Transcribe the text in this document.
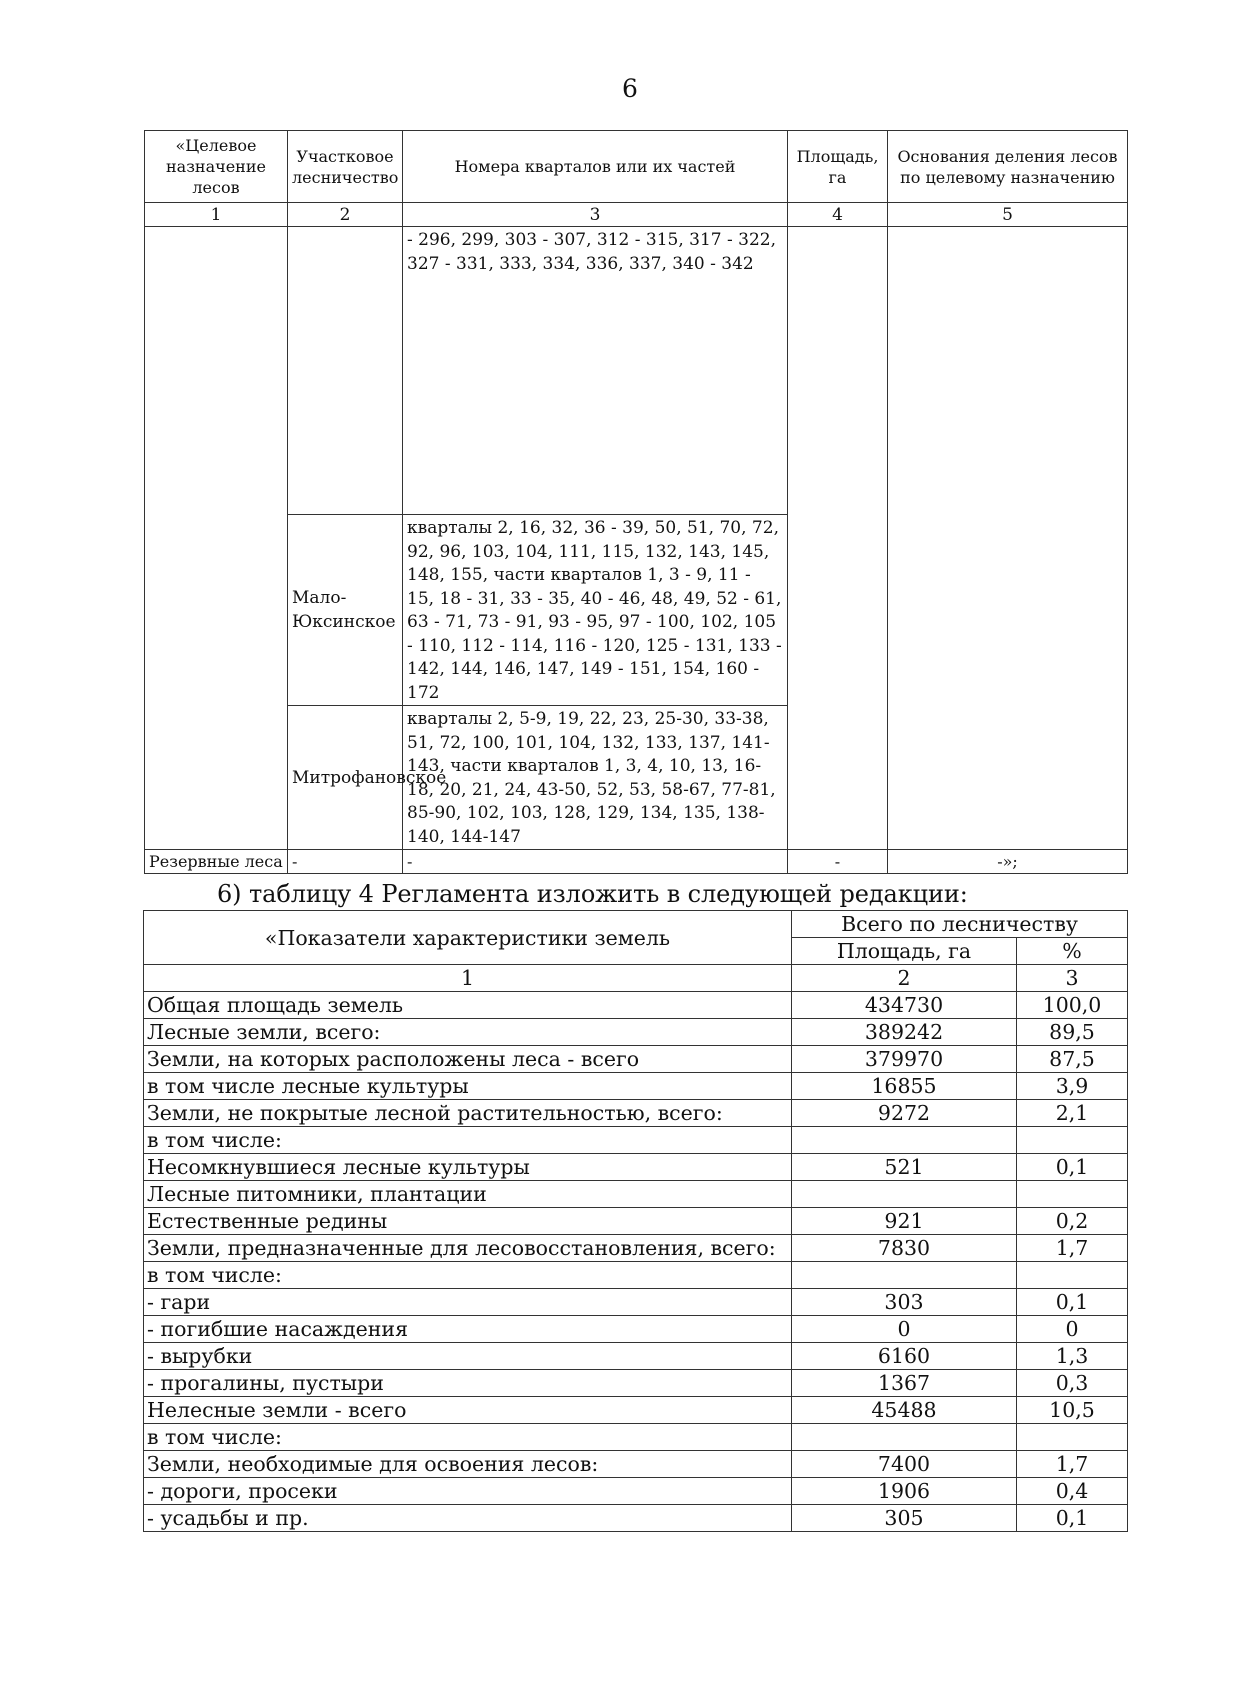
6
«Целевое назначение лесов	Участковое лесничество	Номера кварталов или их частей	Площадь, га	Основания деления лесов по целевому назначению
1	2	3	4	5
		- 296, 299, 303 - 307, 312 - 315, 317 - 322, 327 - 331, 333, 334, 336, 337, 340 - 342		
	Мало-Юксинское	кварталы 2, 16, 32, 36 - 39, 50, 51, 70, 72, 92, 96, 103, 104, 111, 115, 132, 143, 145, 148, 155, части кварталов 1, 3 - 9, 11 - 15, 18 - 31, 33 - 35, 40 - 46, 48, 49, 52 - 61, 63 - 71, 73 - 91, 93 - 95, 97 - 100, 102, 105 - 110, 112 - 114, 116 - 120, 125 - 131, 133 - 142, 144, 146, 147, 149 - 151, 154, 160 - 172		
	Митрофановское	кварталы 2, 5-9, 19, 22, 23, 25-30, 33-38, 51, 72, 100, 101, 104, 132, 133, 137, 141-143, части кварталов 1, 3, 4, 10, 13, 16-18, 20, 21, 24, 43-50, 52, 53, 58-67, 77-81, 85-90, 102, 103, 128, 129, 134, 135, 138-140, 144-147		
Резервные леса	-	-	-	-»;
6) таблицу 4 Регламента изложить в следующей редакции:
«Показатели характеристики земель	Всего по лесничеству	
	Площадь, га	%
1	2	3
Общая площадь земель	434730	100,0
Лесные земли, всего:	389242	89,5
Земли, на которых расположены леса - всего	379970	87,5
в том числе лесные культуры	16855	3,9
Земли, не покрытые лесной растительностью, всего:	9272	2,1
в том числе:		
Несомкнувшиеся лесные культуры	521	0,1
Лесные питомники, плантации		
Естественные редины	921	0,2
Земли, предназначенные для лесовосстановления, всего:	7830	1,7
в том числе:		
- гари	303	0,1
- погибшие насаждения	0	0
- вырубки	6160	1,3
- прогалины, пустыри	1367	0,3
Нелесные земли - всего	45488	10,5
в том числе:		
Земли, необходимые для освоения лесов:	7400	1,7
- дороги, просеки	1906	0,4
- усадьбы и пр.	305	0,1
